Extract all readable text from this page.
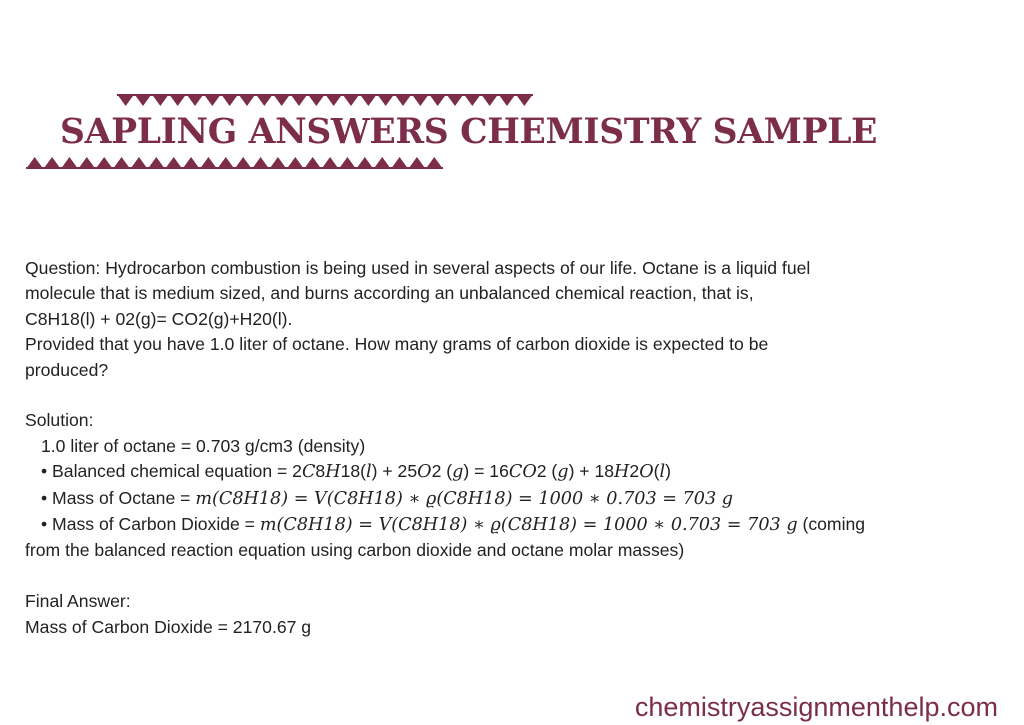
SAPLING ANSWERS CHEMISTRY SAMPLE

Question: Hydrocarbon combustion is being used in several aspects of our life. Octane is a liquid fuel

molecule that is medium sized, and burns according an unbalanced chemical reaction, that is,

C8H18(l) + 02(g)= CO2(g)+H20(l).

Provided that you have 1.0 liter of octane. How many grams of carbon dioxide is expected to be

produced?

Solution:

1.0 liter of octane = 0.703 g/cm3 (density)

• Balanced chemical equation = 2C8H18(l) + 25O2 (g) = 16CO2 (g) + 18H2O(l)

• Mass of Octane = m(C8H18) = V(C8H18) ∗ ϱ(C8H18) = 1000 ∗ 0.703 = 703 g

• Mass of Carbon Dioxide = m(C8H18) = V(C8H18) ∗ ϱ(C8H18) = 1000 ∗ 0.703 = 703 g (coming

from the balanced reaction equation using carbon dioxide and octane molar masses)

Final Answer:

Mass of Carbon Dioxide = 2170.67 g

chemistryassignmenthelp.com
